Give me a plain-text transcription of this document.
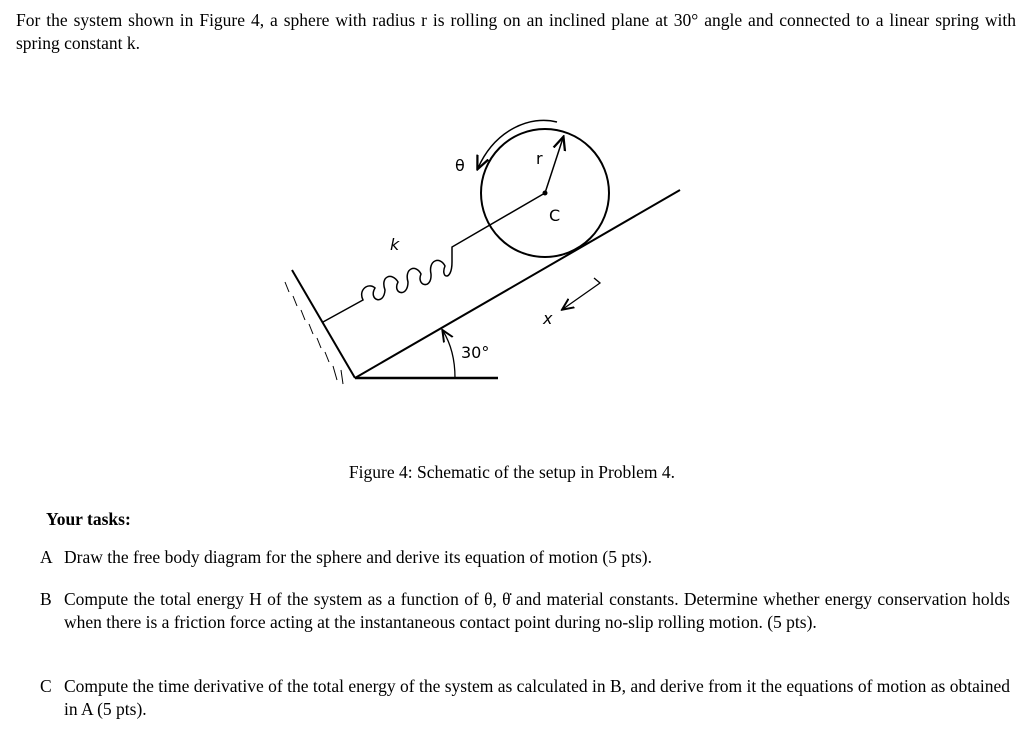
For the system shown in Figure 4, a sphere with radius r is rolling on an inclined plane at 30° angle and connected to a linear spring with spring constant k.
θ	r
C
k
x
30°
Figure 4: Schematic of the setup in Problem 4.
Your tasks:
A Draw the free body diagram for the sphere and derive its equation of motion (5 pts).
B Compute the total energy H of the system as a function of θ, θ̇ and material constants. Determine whether energy conservation holds when there is a friction force acting at the instantaneous contact point during no-slip rolling motion. (5 pts).
C Compute the time derivative of the total energy of the system as calculated in B, and derive from it the equations of motion as obtained in A (5 pts).
